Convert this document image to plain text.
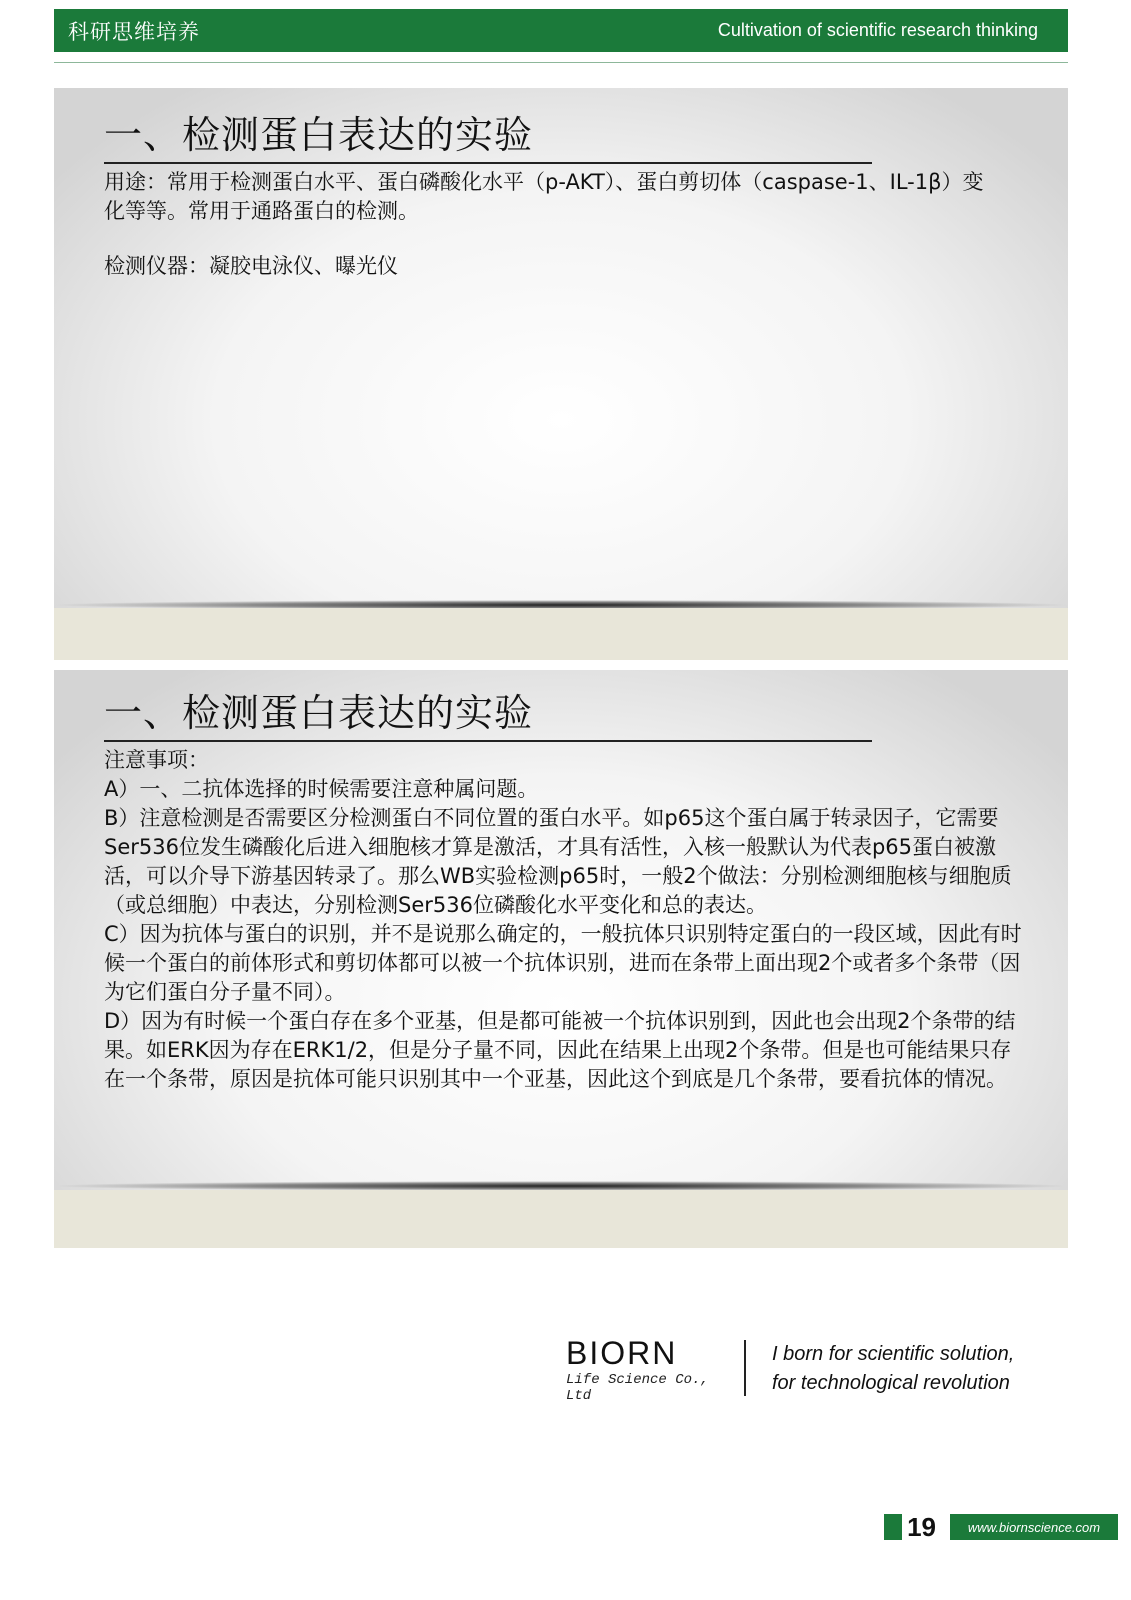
科研思维培养	Cultivation of scientific research thinking
一、检测蛋白表达的实验

用途：常用于检测蛋白水平、蛋白磷酸化水平（p-AKT）、蛋白剪切体（caspase-1、IL-1β）变化等等。常用于通路蛋白的检测。

检测仪器：凝胶电泳仪、曝光仪

一、检测蛋白表达的实验

注意事项：

A）一、二抗体选择的时候需要注意种属问题。

B）注意检测是否需要区分检测蛋白不同位置的蛋白水平。如p65这个蛋白属于转录因子，它需要Ser536位发生磷酸化后进入细胞核才算是激活，才具有活性，入核一般默认为代表p65蛋白被激活，可以介导下游基因转录了。那么WB实验检测p65时，一般2个做法：分别检测细胞核与细胞质（或总细胞）中表达，分别检测Ser536位磷酸化水平变化和总的表达。

C）因为抗体与蛋白的识别，并不是说那么确定的，一般抗体只识别特定蛋白的一段区域，因此有时候一个蛋白的前体形式和剪切体都可以被一个抗体识别，进而在条带上面出现2个或者多个条带（因为它们蛋白分子量不同）。

D）因为有时候一个蛋白存在多个亚基，但是都可能被一个抗体识别到，因此也会出现2个条带的结果。如ERK因为存在ERK1/2，但是分子量不同，因此在结果上出现2个条带。但是也可能结果只存在一个条带，原因是抗体可能只识别其中一个亚基，因此这个到底是几个条带，要看抗体的情况。

BIORN
Life Science Co., Ltd
I born for scientific solution,
for technological revolution
19	www.biornscience.com
